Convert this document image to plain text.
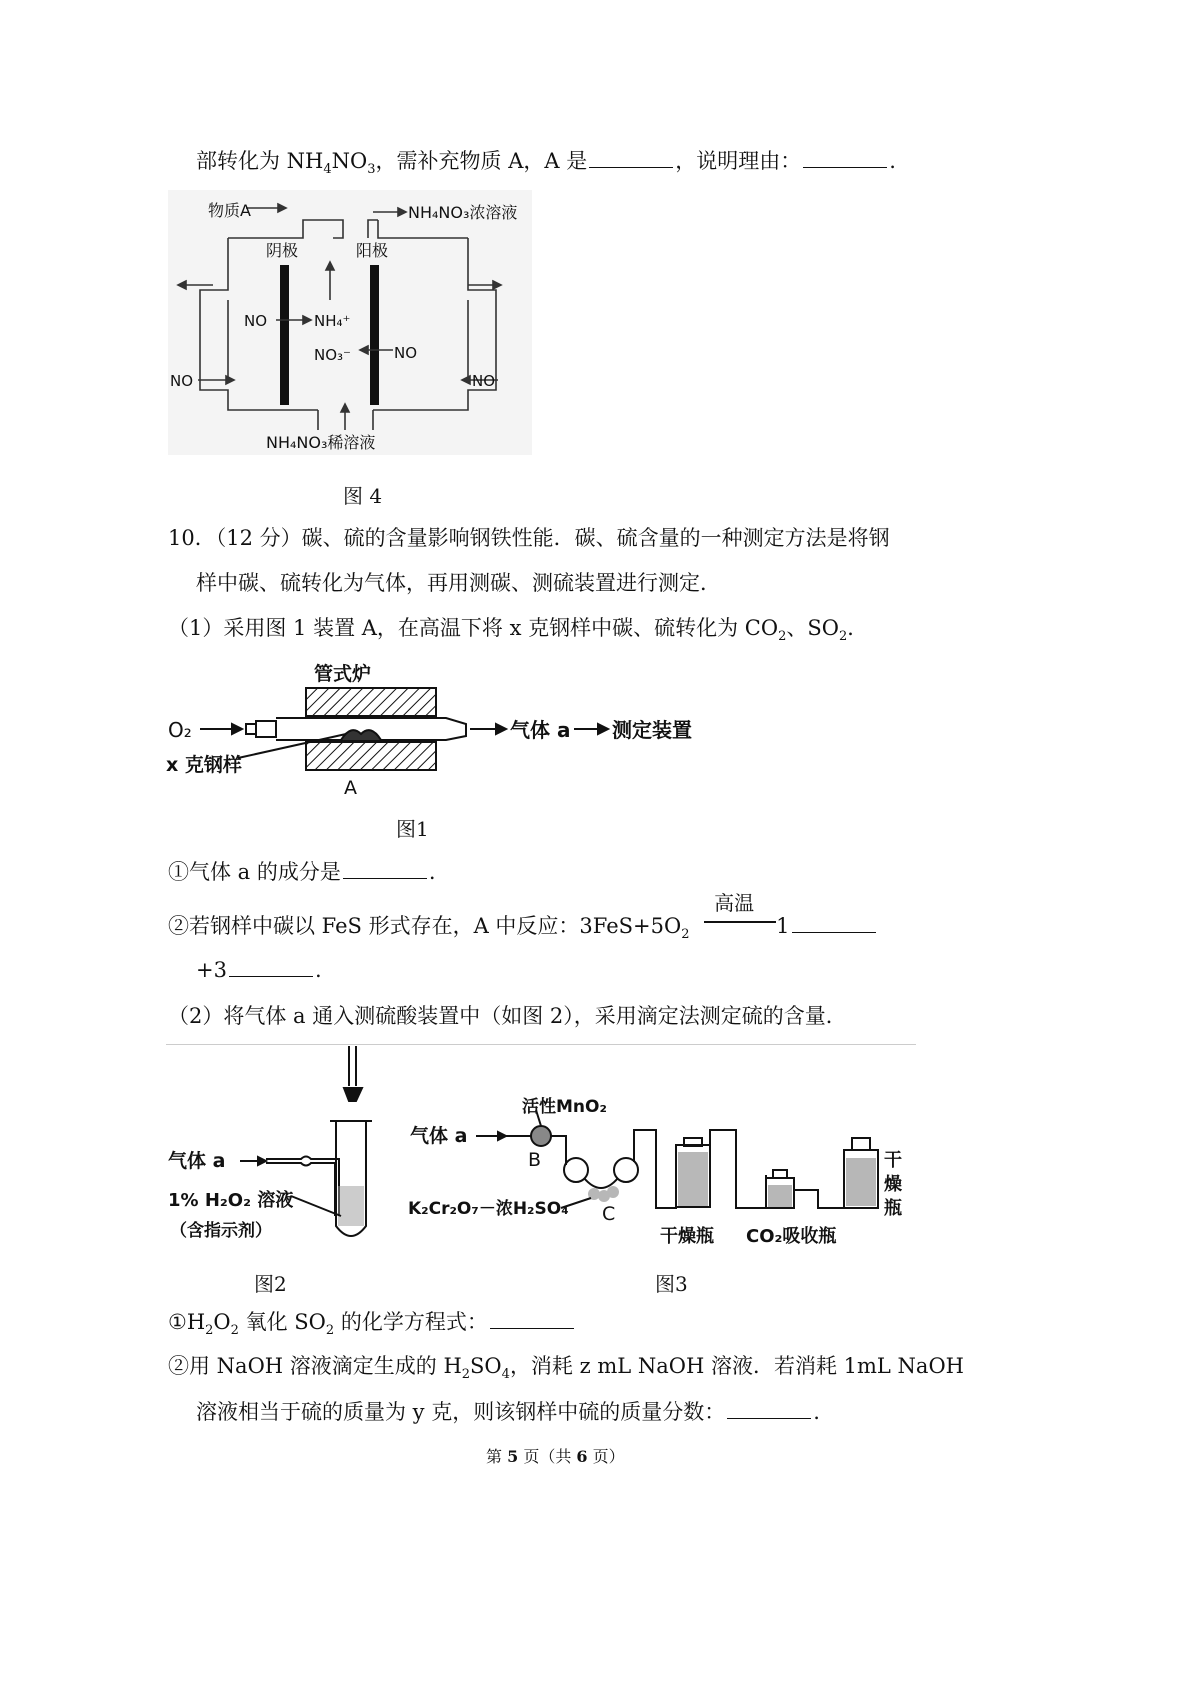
部转化为 $NH_4NO_3$，需补充物质 A，A 是	，说明理由：	.
物质A	NH₄NO₃浓溶液
阴极	阳极
NO	NH₄⁺
NO₃⁻	NO
NO	NO
NH₄NO₃稀溶液
图 4
10．（12 分）碳、硫的含量影响钢铁性能．碳、硫含量的一种测定方法是将钢
样中碳、硫转化为气体，再用测碳、测硫装置进行测定．
（1）采用图 1 装置 A，在高温下将 x 克钢样中碳、硫转化为 $CO_2$、$SO_2$．
管式炉
O₂	气体 a 测定装置
x 克钢样
A
图1
①气体 a 的成分是	.
②若钢样中碳以 FeS 形式存在，A 中反应：$3FeS+5O_2$
高温
1
+3	.
（2）将气体 a 通入测硫酸装置中（如图 2），采用滴定法测定硫的含量．
气体 a
1% H₂O₂ 溶液
（含指示剂）
图2
活性MnO₂
气体 a
B
K₂Cr₂O₇－浓H₂SO₄ C
干燥瓶 CO₂吸收瓶
干
燥
瓶
图3
$①H_2O_2$ 氧化 $SO_2$ 的化学方程式：
②用 NaOH 溶液滴定生成的 $H_2SO_4$，消耗 z mL NaOH 溶液．若消耗 1mL NaOH
溶液相当于硫的质量为 y 克，则该钢样中硫的质量分数：	.
第 5 页（共 6 页）
